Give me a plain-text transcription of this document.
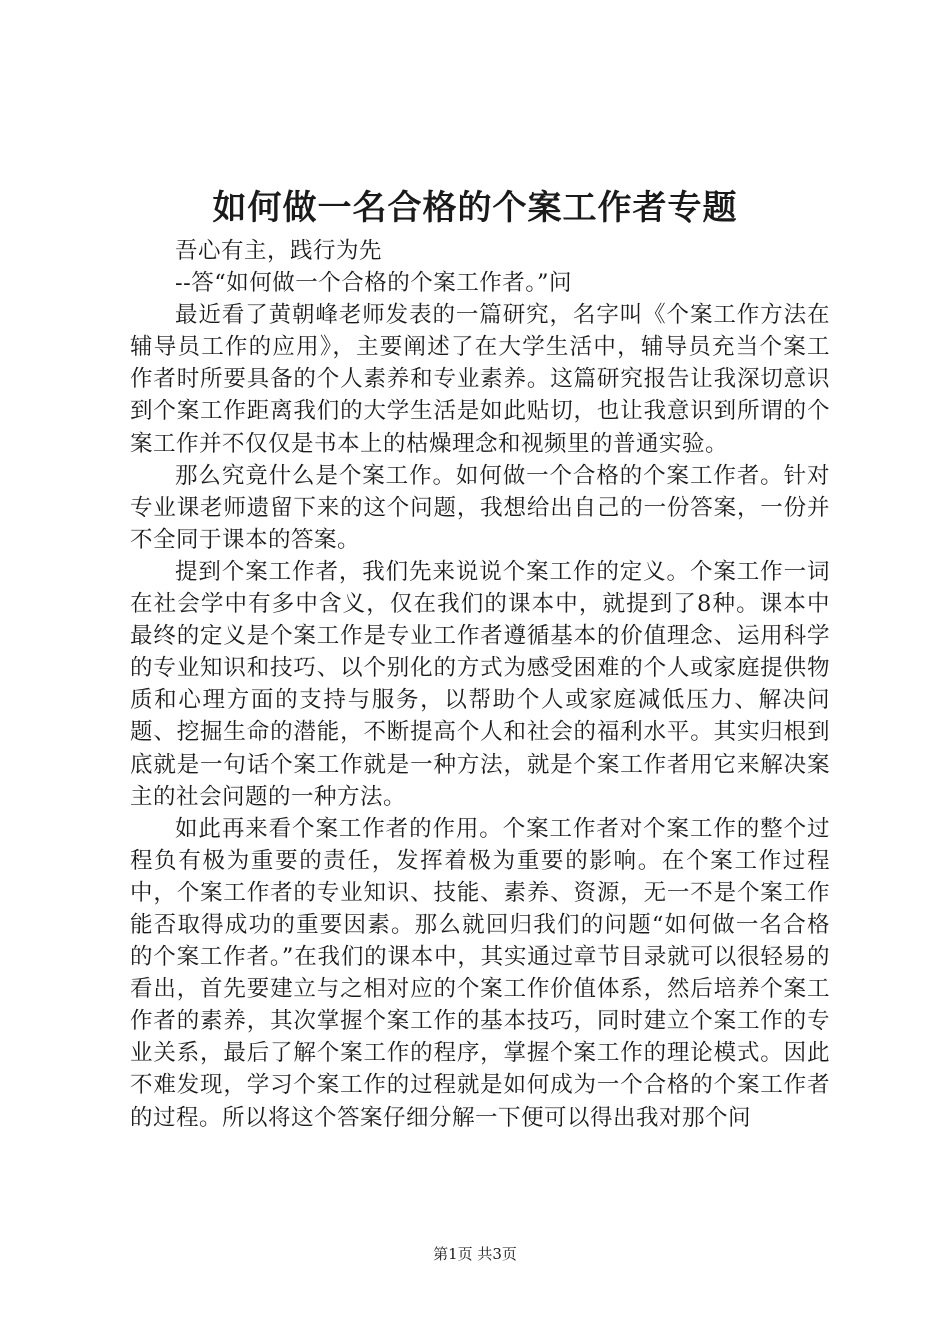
如何做一名合格的个案工作者专题

吾心有主，践行为先

--答“如何做一个合格的个案工作者。”问

最近看了黄朝峰老师发表的一篇研究，名字叫《个案工作方法在辅导员工作的应用》，主要阐述了在大学生活中，辅导员充当个案工作者时所要具备的个人素养和专业素养。这篇研究报告让我深切意识到个案工作距离我们的大学生活是如此贴切，也让我意识到所谓的个案工作并不仅仅是书本上的枯燥理念和视频里的普通实验。

那么究竟什么是个案工作。如何做一个合格的个案工作者。针对专业课老师遗留下来的这个问题，我想给出自己的一份答案，一份并不全同于课本的答案。

提到个案工作者，我们先来说说个案工作的定义。个案工作一词在社会学中有多中含义，仅在我们的课本中，就提到了8种。课本中最终的定义是个案工作是专业工作者遵循基本的价值理念、运用科学的专业知识和技巧、以个别化的方式为感受困难的个人或家庭提供物质和心理方面的支持与服务，以帮助个人或家庭减低压力、解决问题、挖掘生命的潜能，不断提高个人和社会的福利水平。其实归根到底就是一句话个案工作就是一种方法，就是个案工作者用它来解决案主的社会问题的一种方法。

如此再来看个案工作者的作用。个案工作者对个案工作的整个过程负有极为重要的责任，发挥着极为重要的影响。在个案工作过程中，个案工作者的专业知识、技能、素养、资源，无一不是个案工作能否取得成功的重要因素。那么就回归我们的问题“如何做一名合格的个案工作者。”在我们的课本中，其实通过章节目录就可以很轻易的看出，首先要建立与之相对应的个案工作价值体系，然后培养个案工作者的素养，其次掌握个案工作的基本技巧，同时建立个案工作的专业关系，最后了解个案工作的程序，掌握个案工作的理论模式。因此不难发现，学习个案工作的过程就是如何成为一个合格的个案工作者的过程。所以将这个答案仔细分解一下便可以得出我对那个问

第1页 共3页
